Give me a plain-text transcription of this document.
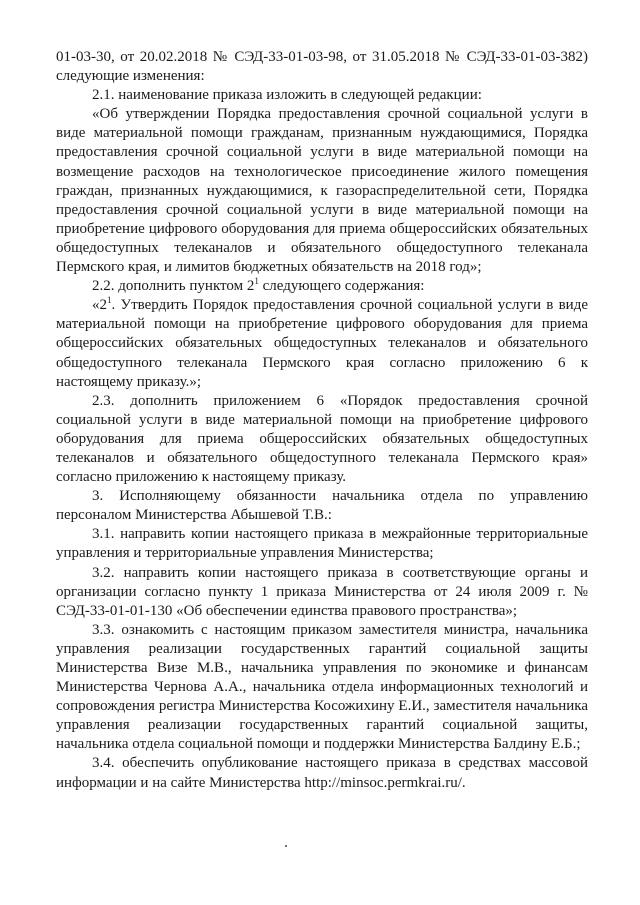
01-03-30, от 20.02.2018 № СЭД-33-01-03-98, от 31.05.2018 № СЭД-33-01-03-382) следующие изменения:

2.1. наименование приказа изложить в следующей редакции:

«Об утверждении Порядка предоставления срочной социальной услуги в виде материальной помощи гражданам, признанным нуждающимися, Порядка предоставления срочной социальной услуги в виде материальной помощи на возмещение расходов на технологическое присоединение жилого помещения граждан, признанных нуждающимися, к газораспределительной сети, Порядка предоставления срочной социальной услуги в виде материальной помощи на приобретение цифрового оборудования для приема общероссийских обязательных общедоступных телеканалов и обязательного общедоступного телеканала Пермского края, и лимитов бюджетных обязательств на 2018 год»;

2.2. дополнить пунктом $2^1$ следующего содержания:

«$2^1$. Утвердить Порядок предоставления срочной социальной услуги в виде материальной помощи на приобретение цифрового оборудования для приема общероссийских обязательных общедоступных телеканалов и обязательного общедоступного телеканала Пермского края согласно приложению 6 к настоящему приказу.»;

2.3. дополнить приложением 6 «Порядок предоставления срочной социальной услуги в виде материальной помощи на приобретение цифрового оборудования для приема общероссийских обязательных общедоступных телеканалов и обязательного общедоступного телеканала Пермского края» согласно приложению к настоящему приказу.

3. Исполняющему обязанности начальника отдела по управлению персоналом Министерства Абышевой Т.В.:

3.1. направить копии настоящего приказа в межрайонные территориальные управления и территориальные управления Министерства;

3.2. направить копии настоящего приказа в соответствующие органы и организации согласно пункту 1 приказа Министерства от 24 июля 2009 г. № СЭД-33-01-01-130 «Об обеспечении единства правового пространства»;

3.3. ознакомить с настоящим приказом заместителя министра, начальника управления реализации государственных гарантий социальной защиты Министерства Визе М.В., начальника управления по экономике и финансам Министерства Чернова А.А., начальника отдела информационных технологий и сопровождения регистра Министерства Косожихину Е.И., заместителя начальника управления реализации государственных гарантий социальной защиты, начальника отдела социальной помощи и поддержки Министерства Балдину Е.Б.;

3.4. обеспечить опубликование настоящего приказа в средствах массовой информации и на сайте Министерства http://minsoc.permkrai.ru/.
